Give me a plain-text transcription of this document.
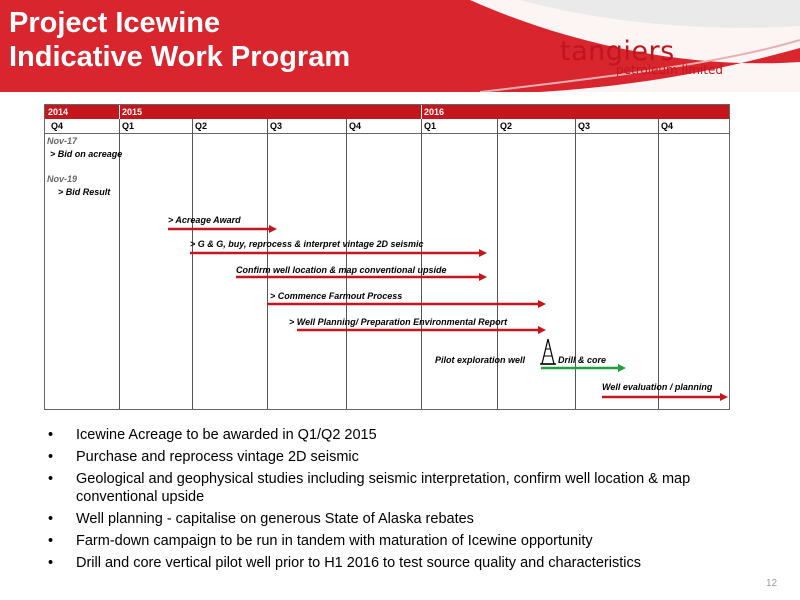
Project Icewine
Indicative Work Program	tangiers
petroleum limited
2014	2015	2016
Q4	Q1	Q2	Q3	Q4	Q1	Q2	Q3	Q4
Nov-17
> Bid on acreage
Nov-19
> Bid Result
> Acreage Award
> G & G, buy, reprocess & interpret vintage 2D seismic
Confirm well location & map conventional upside
> Commence Farmout Process
> Well Planning/ Preparation Environmental Report
Pilot exploration well	Drill & core
Well evaluation / planning
• Icewine Acreage to be awarded in Q1/Q2 2015
• Purchase and reprocess vintage 2D seismic
• Geological and geophysical studies including seismic interpretation, confirm well location & map conventional upside
• Well planning - capitalise on generous State of Alaska rebates
• Farm-down campaign to be run in tandem with maturation of Icewine opportunity
• Drill and core vertical pilot well prior to H1 2016 to test source quality and characteristics
12
